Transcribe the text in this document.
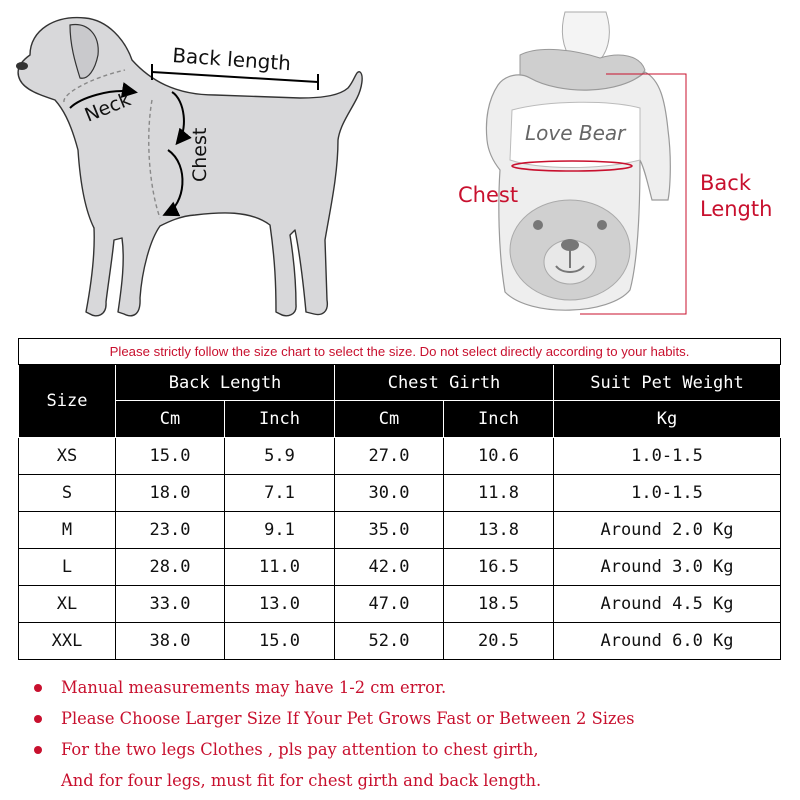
Back length
Neck
Chest	Love Bear
Chest	Back
Length
Please strictly follow the size chart to select the size. Do not select directly according to your habits.					
Size	Back Length		Chest Girth		Suit Pet Weight
	Cm	Inch	Cm	Inch	Kg
XS	15.0	5.9	27.0	10.6	1.0-1.5
S	18.0	7.1	30.0	11.8	1.0-1.5
M	23.0	9.1	35.0	13.8	Around 2.0 Kg
L	28.0	11.0	42.0	16.5	Around 3.0 Kg
XL	33.0	13.0	47.0	18.5	Around 4.5 Kg
XXL	38.0	15.0	52.0	20.5	Around 6.0 Kg
Manual measurements may have 1-2 cm error.
Please Choose Larger Size If Your Pet Grows Fast or Between 2 Sizes
For the two legs Clothes , pls pay attention to chest girth,
And for four legs, must fit for chest girth and back length.
